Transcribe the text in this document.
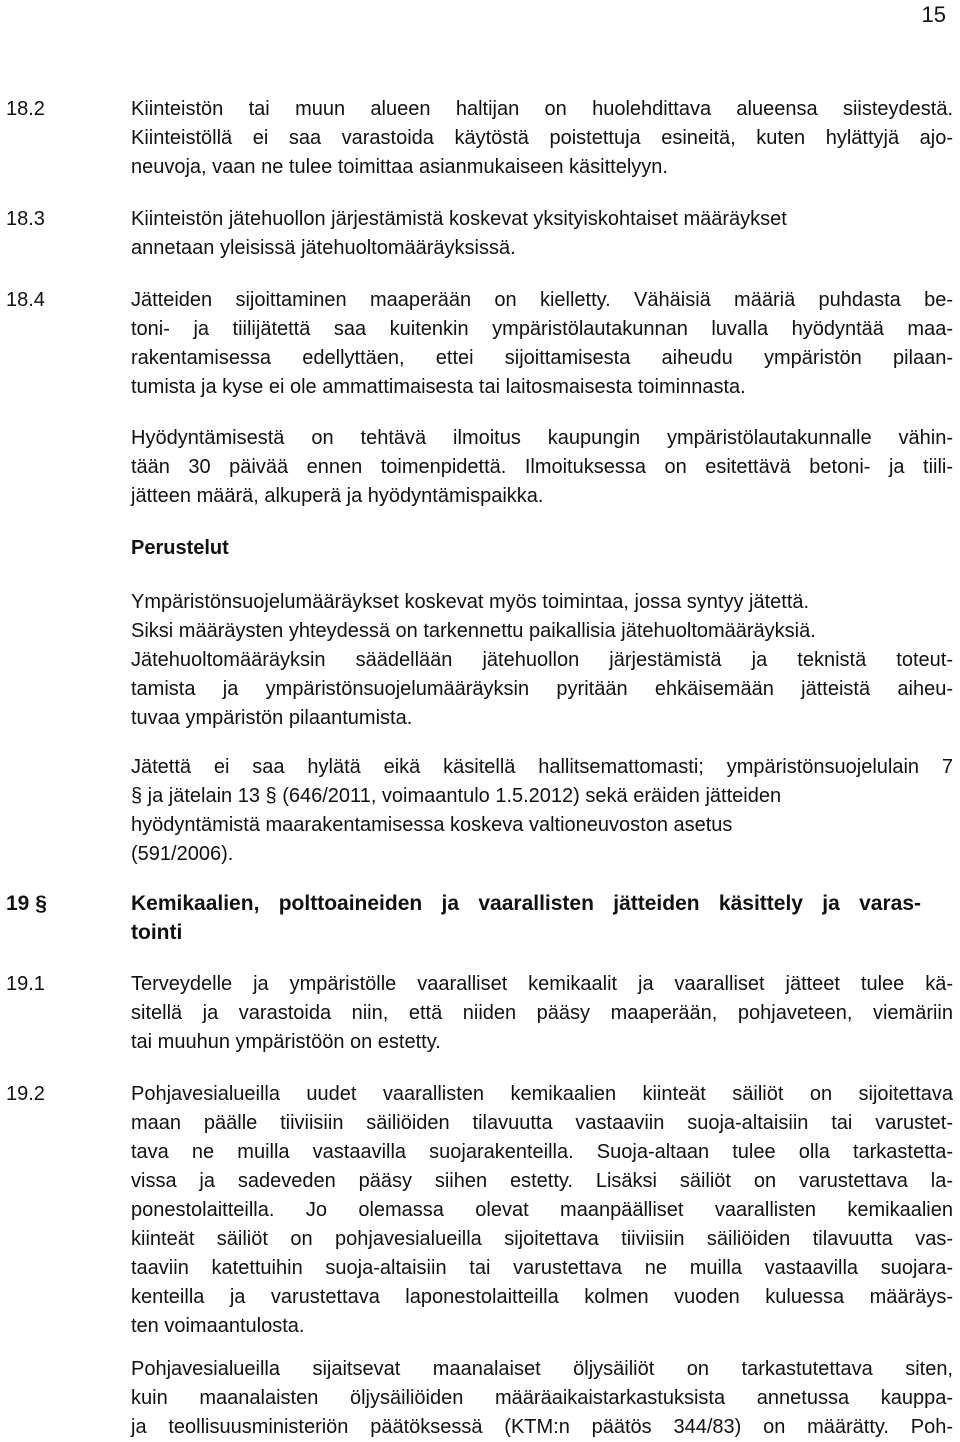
15
18.2	Kiinteistön tai muun alueen haltijan on huolehdittava alueensa siisteydestä.
Kiinteistöllä ei saa varastoida käytöstä poistettuja esineitä, kuten hylättyjä ajo-
neuvoja, vaan ne tulee toimittaa asianmukaiseen käsittelyyn.
18.3	Kiinteistön jätehuollon järjestämistä koskevat yksityiskohtaiset määräykset
annetaan yleisissä jätehuoltomääräyksissä.
18.4	Jätteiden sijoittaminen maaperään on kielletty. Vähäisiä määriä puhdasta be-
toni- ja tiilijätettä saa kuitenkin ympäristölautakunnan luvalla hyödyntää maa-
rakentamisessa edellyttäen, ettei sijoittamisesta aiheudu ympäristön pilaan-
tumista ja kyse ei ole ammattimaisesta tai laitosmaisesta toiminnasta.
Hyödyntämisestä on tehtävä ilmoitus kaupungin ympäristölautakunnalle vähin-
tään 30 päivää ennen toimenpidettä. Ilmoituksessa on esitettävä betoni- ja tiili-
jätteen määrä, alkuperä ja hyödyntämispaikka.
Perustelut
Ympäristönsuojelumääräykset koskevat myös toimintaa, jossa syntyy jätettä.
Siksi määräysten yhteydessä on tarkennettu paikallisia jätehuoltomääräyksiä.
Jätehuoltomääräyksin säädellään jätehuollon järjestämistä ja teknistä toteut-
tamista ja ympäristönsuojelumääräyksin pyritään ehkäisemään jätteistä aiheu-
tuvaa ympäristön pilaantumista.
Jätettä ei saa hylätä eikä käsitellä hallitsemattomasti; ympäristönsuojelulain 7
§ ja jätelain 13 § (646/2011, voimaantulo 1.5.2012) sekä eräiden jätteiden
hyödyntämistä maarakentamisessa koskeva valtioneuvoston asetus
(591/2006).
19 §	Kemikaalien, polttoaineiden ja vaarallisten jätteiden käsittely ja varas-
tointi
19.1	Terveydelle ja ympäristölle vaaralliset kemikaalit ja vaaralliset jätteet tulee kä-
sitellä ja varastoida niin, että niiden pääsy maaperään, pohjaveteen, viemäriin
tai muuhun ympäristöön on estetty.
19.2	Pohjavesialueilla uudet vaarallisten kemikaalien kiinteät säiliöt on sijoitettava
maan päälle tiiviisiin säiliöiden tilavuutta vastaaviin suoja-altaisiin tai varustet-
tava ne muilla vastaavilla suojarakenteilla. Suoja-altaan tulee olla tarkastetta-
vissa ja sadeveden pääsy siihen estetty. Lisäksi säiliöt on varustettava la-
ponestolaitteilla. Jo olemassa olevat maanpäälliset vaarallisten kemikaalien
kiinteät säiliöt on pohjavesialueilla sijoitettava tiiviisiin säiliöiden tilavuutta vas-
taaviin katettuihin suoja-altaisiin tai varustettava ne muilla vastaavilla suojara-
kenteilla ja varustettava laponestolaitteilla kolmen vuoden kuluessa määräys-
ten voimaantulosta.
Pohjavesialueilla sijaitsevat maanalaiset öljysäiliöt on tarkastutettava siten,
kuin maanalaisten öljysäiliöiden määräaikaistarkastuksista annetussa kauppa-
ja teollisuusministeriön päätöksessä (KTM:n päätös 344/83) on määrätty. Poh-
